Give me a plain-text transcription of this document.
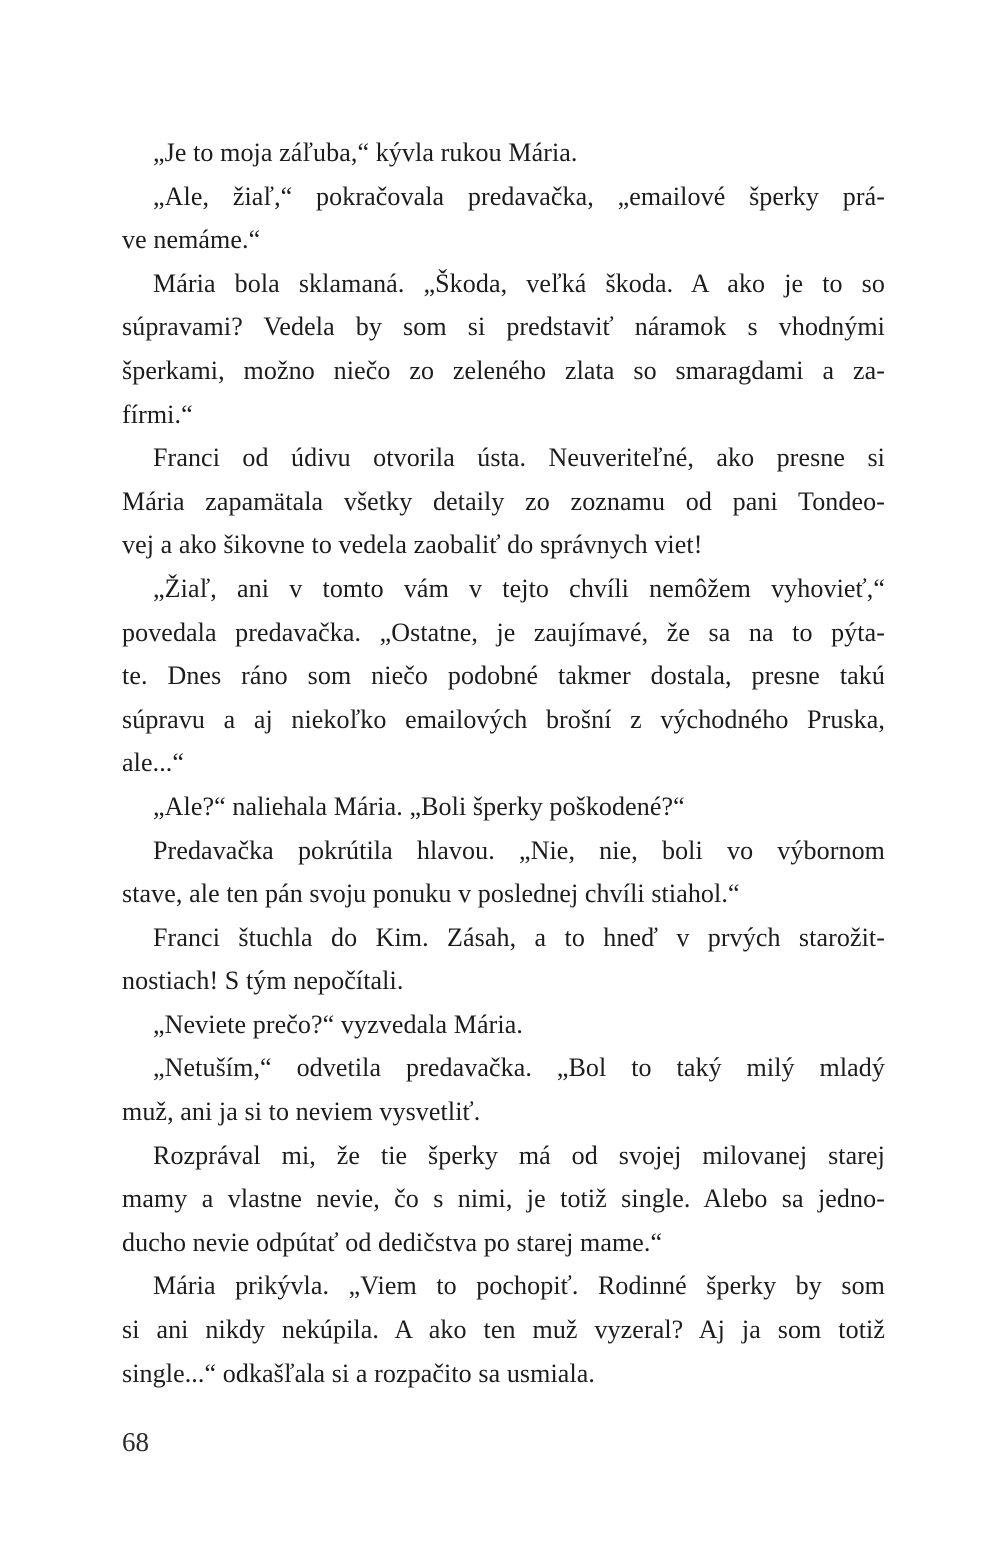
„Je to moja záľuba,“ kývla rukou Mária.
„Ale, žiaľ,“ pokračovala predavačka, „emailové šperky prá-
ve nemáme.“
Mária bola sklamaná. „Škoda, veľká škoda. A ako je to so
súpravami? Vedela by som si predstaviť náramok s vhodnými
šperkami, možno niečo zo zeleného zlata so smaragdami a za-
fírmi.“
Franci od údivu otvorila ústa. Neuveriteľné, ako presne si
Mária zapamätala všetky detaily zo zoznamu od pani Tondeo-
vej a ako šikovne to vedela zaobaliť do správnych viet!
„Žiaľ, ani v tomto vám v tejto chvíli nemôžem vyhovieť,“
povedala predavačka. „Ostatne, je zaujímavé, že sa na to pýta-
te. Dnes ráno som niečo podobné takmer dostala, presne takú
súpravu a aj niekoľko emailových brošní z východného Pruska,
ale...“
„Ale?“ naliehala Mária. „Boli šperky poškodené?“
Predavačka pokrútila hlavou. „Nie, nie, boli vo výbornom
stave, ale ten pán svoju ponuku v poslednej chvíli stiahol.“
Franci štuchla do Kim. Zásah, a to hneď v prvých starožit-
nostiach! S tým nepočítali.
„Neviete prečo?“ vyzvedala Mária.
„Netuším,“ odvetila predavačka. „Bol to taký milý mladý
muž, ani ja si to neviem vysvetliť.
Rozprával mi, že tie šperky má od svojej milovanej starej
mamy a vlastne nevie, čo s nimi, je totiž single. Alebo sa jedno-
ducho nevie odpútať od dedičstva po starej mame.“
Mária prikývla. „Viem to pochopiť. Rodinné šperky by som
si ani nikdy nekúpila. A ako ten muž vyzeral? Aj ja som totiž
single...“ odkašľala si a rozpačito sa usmiala.
68
